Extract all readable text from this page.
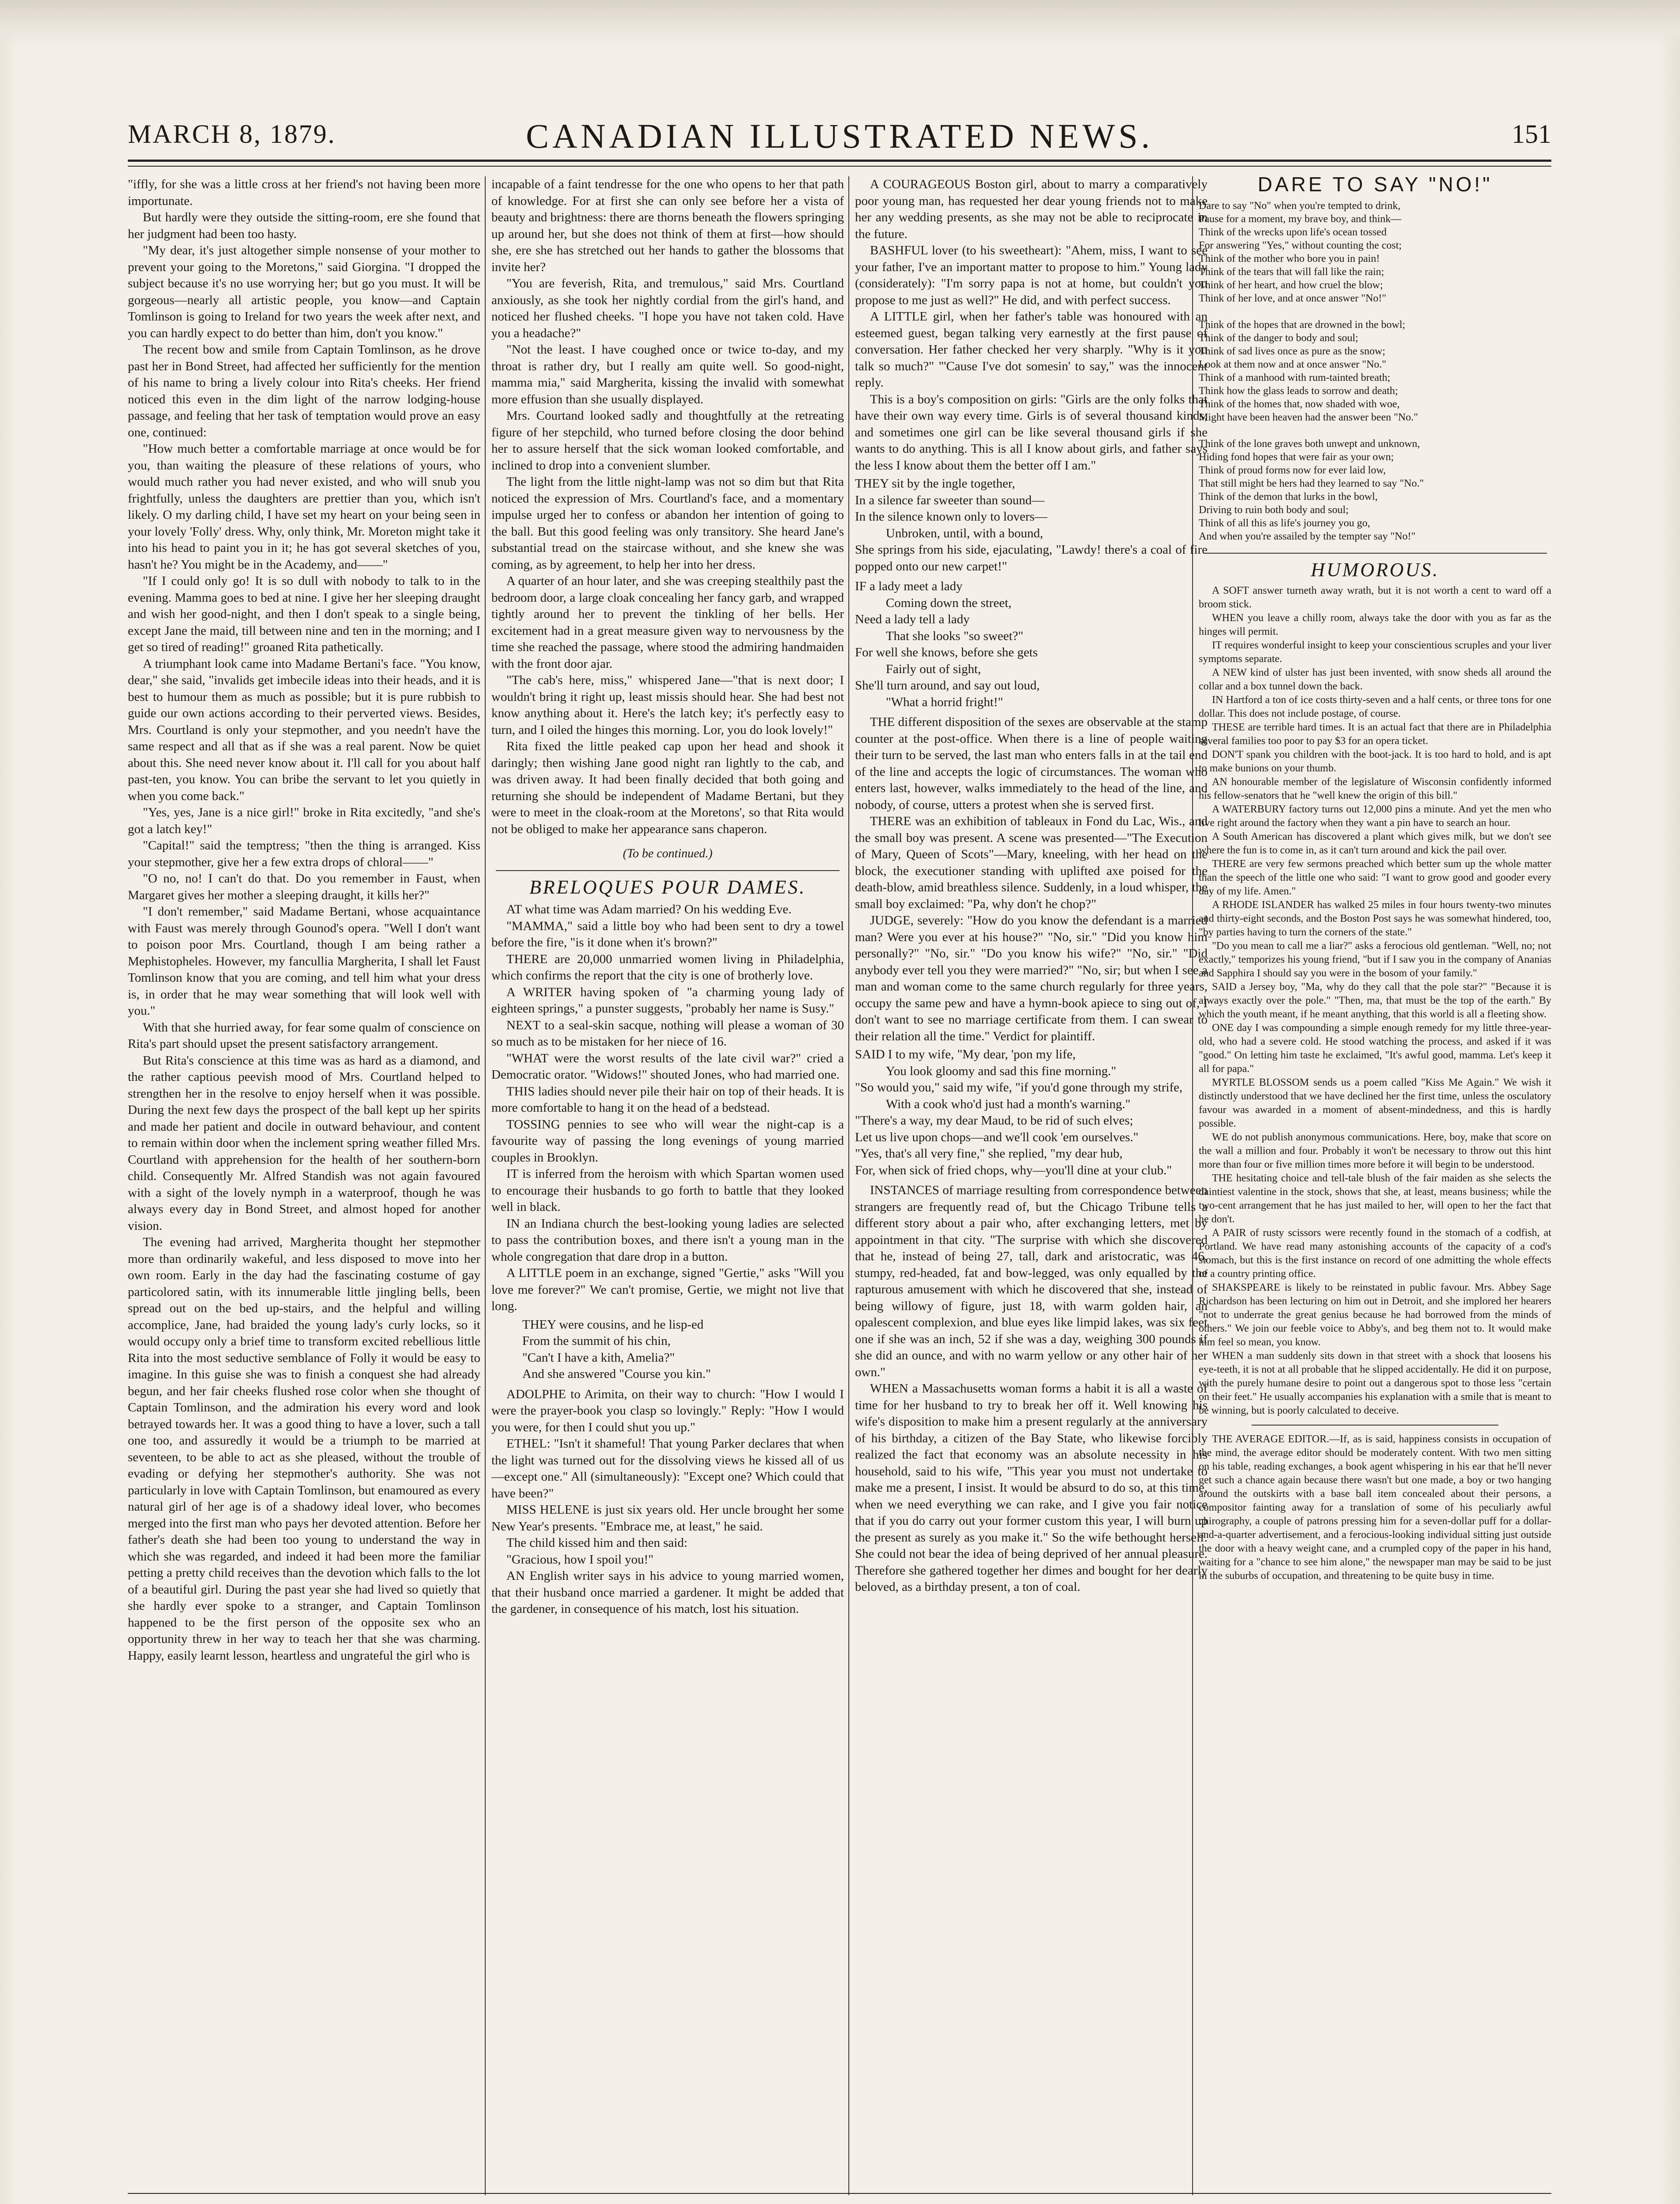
MARCH 8, 1879.	CANADIAN ILLUSTRATED NEWS.	151

"iffly, for she was a little cross at her friend's not having been more importunate.

But hardly were they outside the sitting-room, ere she found that her judgment had been too hasty.

"My dear, it's just altogether simple nonsense of your mother to prevent your going to the Moretons," said Giorgina. "I dropped the subject because it's no use worrying her; but go you must. It will be gorgeous—nearly all artistic people, you know—and Captain Tomlinson is going to Ireland for two years the week after next, and you can hardly expect to do better than him, don't you know."

The recent bow and smile from Captain Tomlinson, as he drove past her in Bond Street, had affected her sufficiently for the mention of his name to bring a lively colour into Rita's cheeks. Her friend noticed this even in the dim light of the narrow lodging-house passage, and feeling that her task of temptation would prove an easy one, continued:

"How much better a comfortable marriage at once would be for you, than waiting the pleasure of these relations of yours, who would much rather you had never existed, and who will snub you frightfully, unless the daughters are prettier than you, which isn't likely. O my darling child, I have set my heart on your being seen in your lovely 'Folly' dress. Why, only think, Mr. Moreton might take it into his head to paint you in it; he has got several sketches of you, hasn't he? You might be in the Academy, and——"

"If I could only go! It is so dull with nobody to talk to in the evening. Mamma goes to bed at nine. I give her her sleeping draught and wish her good-night, and then I don't speak to a single being, except Jane the maid, till between nine and ten in the morning; and I get so tired of reading!" groaned Rita pathetically.

A triumphant look came into Madame Bertani's face. "You know, dear," she said, "invalids get imbecile ideas into their heads, and it is best to humour them as much as possible; but it is pure rubbish to guide our own actions according to their perverted views. Besides, Mrs. Courtland is only your stepmother, and you needn't have the same respect and all that as if she was a real parent. Now be quiet about this. She need never know about it. I'll call for you about half past-ten, you know. You can bribe the servant to let you quietly in when you come back."

"Yes, yes, Jane is a nice girl!" broke in Rita excitedly, "and she's got a latch key!"

"Capital!" said the temptress; "then the thing is arranged. Kiss your stepmother, give her a few extra drops of chloral——"

"O no, no! I can't do that. Do you remember in Faust, when Margaret gives her mother a sleeping draught, it kills her?"

"I don't remember," said Madame Bertani, whose acquaintance with Faust was merely through Gounod's opera. "Well I don't want to poison poor Mrs. Courtland, though I am being rather a Mephistopheles. However, my fancullia Margherita, I shall let Faust Tomlinson know that you are coming, and tell him what your dress is, in order that he may wear something that will look well with you."

With that she hurried away, for fear some qualm of conscience on Rita's part should upset the present satisfactory arrangement.

But Rita's conscience at this time was as hard as a diamond, and the rather captious peevish mood of Mrs. Courtland helped to strengthen her in the resolve to enjoy herself when it was possible. During the next few days the prospect of the ball kept up her spirits and made her patient and docile in outward behaviour, and content to remain within door when the inclement spring weather filled Mrs. Courtland with apprehension for the health of her southern-born child. Consequently Mr. Alfred Standish was not again favoured with a sight of the lovely nymph in a waterproof, though he was always every day in Bond Street, and almost hoped for another vision.

The evening had arrived, Margherita thought her stepmother more than ordinarily wakeful, and less disposed to move into her own room. Early in the day had the fascinating costume of gay particolored satin, with its innumerable little jingling bells, been spread out on the bed up-stairs, and the helpful and willing accomplice, Jane, had braided the young lady's curly locks, so it would occupy only a brief time to transform excited rebellious little Rita into the most seductive semblance of Folly it would be easy to imagine. In this guise she was to finish a conquest she had already begun, and her fair cheeks flushed rose color when she thought of Captain Tomlinson, and the admiration his every word and look betrayed towards her. It was a good thing to have a lover, such a tall one too, and assuredly it would be a triumph to be married at seventeen, to be able to act as she pleased, without the trouble of evading or defying her stepmother's authority. She was not particularly in love with Captain Tomlinson, but enamoured as every natural girl of her age is of a shadowy ideal lover, who becomes merged into the first man who pays her devoted attention. Before her father's death she had been too young to understand the way in which she was regarded, and indeed it had been more the familiar petting a pretty child receives than the devotion which falls to the lot of a beautiful girl. During the past year she had lived so quietly that she hardly ever spoke to a stranger, and Captain Tomlinson happened to be the first person of the opposite sex who an opportunity threw in her way to teach her that she was charming. Happy, easily learnt lesson, heartless and ungrateful the girl who is

incapable of a faint tendresse for the one who opens to her that path of knowledge. For at first she can only see before her a vista of beauty and brightness: there are thorns beneath the flowers springing up around her, but she does not think of them at first—how should she, ere she has stretched out her hands to gather the blossoms that invite her?

"You are feverish, Rita, and tremulous," said Mrs. Courtland anxiously, as she took her nightly cordial from the girl's hand, and noticed her flushed cheeks. "I hope you have not taken cold. Have you a headache?"

"Not the least. I have coughed once or twice to-day, and my throat is rather dry, but I really am quite well. So good-night, mamma mia," said Margherita, kissing the invalid with somewhat more effusion than she usually displayed.

Mrs. Courtand looked sadly and thoughtfully at the retreating figure of her stepchild, who turned before closing the door behind her to assure herself that the sick woman looked comfortable, and inclined to drop into a convenient slumber.

The light from the little night-lamp was not so dim but that Rita noticed the expression of Mrs. Courtland's face, and a momentary impulse urged her to confess or abandon her intention of going to the ball. But this good feeling was only transitory. She heard Jane's substantial tread on the staircase without, and she knew she was coming, as by agreement, to help her into her dress.

A quarter of an hour later, and she was creeping stealthily past the bedroom door, a large cloak concealing her fancy garb, and wrapped tightly around her to prevent the tinkling of her bells. Her excitement had in a great measure given way to nervousness by the time she reached the passage, where stood the admiring handmaiden with the front door ajar.

"The cab's here, miss," whispered Jane—"that is next door; I wouldn't bring it right up, least missis should hear. She had best not know anything about it. Here's the latch key; it's perfectly easy to turn, and I oiled the hinges this morning. Lor, you do look lovely!"

Rita fixed the little peaked cap upon her head and shook it daringly; then wishing Jane good night ran lightly to the cab, and was driven away. It had been finally decided that both going and returning she should be independent of Madame Bertani, but they were to meet in the cloak-room at the Moretons', so that Rita would not be obliged to make her appearance sans chaperon.

(To be continued.)
BRELOQUES POUR DAMES.

AT what time was Adam married? On his wedding Eve.

"MAMMA," said a little boy who had been sent to dry a towel before the fire, "is it done when it's brown?"

THERE are 20,000 unmarried women living in Philadelphia, which confirms the report that the city is one of brotherly love.

A WRITER having spoken of "a charming young lady of eighteen springs," a punster suggests, "probably her name is Susy."

NEXT to a seal-skin sacque, nothing will please a woman of 30 so much as to be mistaken for her niece of 16.

"WHAT were the worst results of the late civil war?" cried a Democratic orator. "Widows!" shouted Jones, who had married one.

THIS ladies should never pile their hair on top of their heads. It is more comfortable to hang it on the head of a bedstead.

TOSSING pennies to see who will wear the night-cap is a favourite way of passing the long evenings of young married couples in Brooklyn.

IT is inferred from the heroism with which Spartan women used to encourage their husbands to go forth to battle that they looked well in black.

IN an Indiana church the best-looking young ladies are selected to pass the contribution boxes, and there isn't a young man in the whole congregation that dare drop in a button.

A LITTLE poem in an exchange, signed "Gertie," asks "Will you love me forever?" We can't promise, Gertie, we might not live that long.

THEY were cousins, and he lisp-ed
From the summit of his chin,
"Can't I have a kith, Amelia?"
And she answered "Course you kin."

ADOLPHE to Arimita, on their way to church: "How I would I were the prayer-book you clasp so lovingly." Reply: "How I would you were, for then I could shut you up."

ETHEL: "Isn't it shameful! That young Parker declares that when the light was turned out for the dissolving views he kissed all of us—except one." All (simultaneously): "Except one? Which could that have been?"

MISS HELENE is just six years old. Her uncle brought her some New Year's presents. "Embrace me, at least," he said.

The child kissed him and then said:

"Gracious, how I spoil you!"

AN English writer says in his advice to young married women, that their husband once married a gardener. It might be added that the gardener, in consequence of his match, lost his situation.

A COURAGEOUS Boston girl, about to marry a comparatively poor young man, has requested her dear young friends not to make her any wedding presents, as she may not be able to reciprocate in the future.

BASHFUL lover (to his sweetheart): "Ahem, miss, I want to see your father, I've an important matter to propose to him." Young lady (considerately): "I'm sorry papa is not at home, but couldn't you propose to me just as well?" He did, and with perfect success.

A LITTLE girl, when her father's table was honoured with an esteemed guest, began talking very earnestly at the first pause of conversation. Her father checked her very sharply. "Why is it you talk so much?" "'Cause I've dot somesin' to say," was the innocent reply.

This is a boy's composition on girls: "Girls are the only folks that have their own way every time. Girls is of several thousand kinds, and sometimes one girl can be like several thousand girls if she wants to do anything. This is all I know about girls, and father says the less I know about them the better off I am."

THEY sit by the ingle together,
In a silence far sweeter than sound—
In the silence known only to lovers—
Unbroken, until, with a bound,
She springs from his side, ejaculating, "Lawdy! there's a coal of fire popped onto our new carpet!"
IF a lady meet a lady
Coming down the street,
Need a lady tell a lady
That she looks "so sweet?"
For well she knows, before she gets
Fairly out of sight,
She'll turn around, and say out loud,
"What a horrid fright!"

THE different disposition of the sexes are observable at the stamp counter at the post-office. When there is a line of people waiting their turn to be served, the last man who enters falls in at the tail end of the line and accepts the logic of circumstances. The woman who enters last, however, walks immediately to the head of the line, and nobody, of course, utters a protest when she is served first.

THERE was an exhibition of tableaux in Fond du Lac, Wis., and the small boy was present. A scene was presented—"The Execution of Mary, Queen of Scots"—Mary, kneeling, with her head on the block, the executioner standing with uplifted axe poised for the death-blow, amid breathless silence. Suddenly, in a loud whisper, the small boy exclaimed: "Pa, why don't he chop?"

JUDGE, severely: "How do you know the defendant is a married man? Were you ever at his house?" "No, sir." "Did you know him personally?" "No, sir." "Do you know his wife?" "No, sir." "Did anybody ever tell you they were married?" "No, sir; but when I see a man and woman come to the same church regularly for three years, occupy the same pew and have a hymn-book apiece to sing out of, I don't want to see no marriage certificate from them. I can swear to their relation all the time." Verdict for plaintiff.

SAID I to my wife, "My dear, 'pon my life,
You look gloomy and sad this fine morning."
"So would you," said my wife, "if you'd gone through my strife,
With a cook who'd just had a month's warning."
"There's a way, my dear Maud, to be rid of such elves;
Let us live upon chops—and we'll cook 'em ourselves."
"Yes, that's all very fine," she replied, "my dear hub,
For, when sick of fried chops, why—you'll dine at your club."

INSTANCES of marriage resulting from correspondence between strangers are frequently read of, but the Chicago Tribune tells a different story about a pair who, after exchanging letters, met by appointment in that city. "The surprise with which she discovered that he, instead of being 27, tall, dark and aristocratic, was 46, stumpy, red-headed, fat and bow-legged, was only equalled by the rapturous amusement with which he discovered that she, instead of being willowy of figure, just 18, with warm golden hair, an opalescent complexion, and blue eyes like limpid lakes, was six feet one if she was an inch, 52 if she was a day, weighing 300 pounds if she did an ounce, and with no warm yellow or any other hair of her own."

WHEN a Massachusetts woman forms a habit it is all a waste of time for her husband to try to break her off it. Well knowing his wife's disposition to make him a present regularly at the anniversary of his birthday, a citizen of the Bay State, who likewise forcibly realized the fact that economy was an absolute necessity in his household, said to his wife, "This year you must not undertake to make me a present, I insist. It would be absurd to do so, at this time, when we need everything we can rake, and I give you fair notice that if you do carry out your former custom this year, I will burn up the present as surely as you make it." So the wife bethought herself. She could not bear the idea of being deprived of her annual pleasure. Therefore she gathered together her dimes and bought for her dearly beloved, as a birthday present, a ton of coal.

DARE TO SAY "NO!"
Dare to say "No" when you're tempted to drink,
Pause for a moment, my brave boy, and think—
Think of the wrecks upon life's ocean tossed
For answering "Yes," without counting the cost;
Think of the mother who bore you in pain!
Think of the tears that will fall like the rain;
Think of her heart, and how cruel the blow;
Think of her love, and at once answer "No!"

Think of the hopes that are drowned in the bowl;
Think of the danger to body and soul;
Think of sad lives once as pure as the snow;
Look at them now and at once answer "No."
Think of a manhood with rum-tainted breath;
Think how the glass leads to sorrow and death;
Think of the homes that, now shaded with woe,
Might have been heaven had the answer been "No."

Think of the lone graves both unwept and unknown,
Hiding fond hopes that were fair as your own;
Think of proud forms now for ever laid low,
That still might be hers had they learned to say "No."
Think of the demon that lurks in the bowl,
Driving to ruin both body and soul;
Think of all this as life's journey you go,
And when you're assailed by the tempter say "No!"
HUMOROUS.

A SOFT answer turneth away wrath, but it is not worth a cent to ward off a broom stick.

WHEN you leave a chilly room, always take the door with you as far as the hinges will permit.

IT requires wonderful insight to keep your conscientious scruples and your liver symptoms separate.

A NEW kind of ulster has just been invented, with snow sheds all around the collar and a box tunnel down the back.

IN Hartford a ton of ice costs thirty-seven and a half cents, or three tons for one dollar. This does not include postage, of course.

THESE are terrible hard times. It is an actual fact that there are in Philadelphia several families too poor to pay $3 for an opera ticket.

DON'T spank you children with the boot-jack. It is too hard to hold, and is apt to make bunions on your thumb.

AN honourable member of the legislature of Wisconsin confidently informed his fellow-senators that he "well knew the origin of this bill."

A WATERBURY factory turns out 12,000 pins a minute. And yet the men who live right around the factory when they want a pin have to search an hour.

A South American has discovered a plant which gives milk, but we don't see where the fun is to come in, as it can't turn around and kick the pail over.

THERE are very few sermons preached which better sum up the whole matter than the speech of the little one who said: "I want to grow good and gooder every day of my life. Amen."

A RHODE ISLANDER has walked 25 miles in four hours twenty-two minutes and thirty-eight seconds, and the Boston Post says he was somewhat hindered, too, "by parties having to turn the corners of the state."

"Do you mean to call me a liar?" asks a ferocious old gentleman. "Well, no; not exactly," temporizes his young friend, "but if I saw you in the company of Ananias and Sapphira I should say you were in the bosom of your family."

SAID a Jersey boy, "Ma, why do they call that the pole star?" "Because it is always exactly over the pole." "Then, ma, that must be the top of the earth." By which the youth meant, if he meant anything, that this world is all a fleeting show.

ONE day I was compounding a simple enough remedy for my little three-year-old, who had a severe cold. He stood watching the process, and asked if it was "good." On letting him taste he exclaimed, "It's awful good, mamma. Let's keep it all for papa."

MYRTLE BLOSSOM sends us a poem called "Kiss Me Again." We wish it distinctly understood that we have declined her the first time, unless the osculatory favour was awarded in a moment of absent-mindedness, and this is hardly possible.

WE do not publish anonymous communications. Here, boy, make that score on the wall a million and four. Probably it won't be necessary to throw out this hint more than four or five million times more before it will begin to be understood.

THE hesitating choice and tell-tale blush of the fair maiden as she selects the daintiest valentine in the stock, shows that she, at least, means business; while the two-cent arrangement that he has just mailed to her, will open to her the fact that he don't.

A PAIR of rusty scissors were recently found in the stomach of a codfish, at Portland. We have read many astonishing accounts of the capacity of a cod's stomach, but this is the first instance on record of one admitting the whole effects of a country printing office.

SHAKSPEARE is likely to be reinstated in public favour. Mrs. Abbey Sage Richardson has been lecturing on him out in Detroit, and she implored her hearers "not to underrate the great genius because he had borrowed from the minds of others." We join our feeble voice to Abby's, and beg them not to. It would make him feel so mean, you know.

WHEN a man suddenly sits down in that street with a shock that loosens his eye-teeth, it is not at all probable that he slipped accidentally. He did it on purpose, with the purely humane desire to point out a dangerous spot to those less "certain on their feet." He usually accompanies his explanation with a smile that is meant to be winning, but is poorly calculated to deceive.

THE AVERAGE EDITOR.—If, as is said, happiness consists in occupation of the mind, the average editor should be moderately content. With two men sitting on his table, reading exchanges, a book agent whispering in his ear that he'll never get such a chance again because there wasn't but one made, a boy or two hanging around the outskirts with a base ball item concealed about their persons, a compositor fainting away for a translation of some of his peculiarly awful chirography, a couple of patrons pressing him for a seven-dollar puff for a dollar-and-a-quarter advertisement, and a ferocious-looking individual sitting just outside the door with a heavy weight cane, and a crumpled copy of the paper in his hand, waiting for a "chance to see him alone," the newspaper man may be said to be just in the suburbs of occupation, and threatening to be quite busy in time.
